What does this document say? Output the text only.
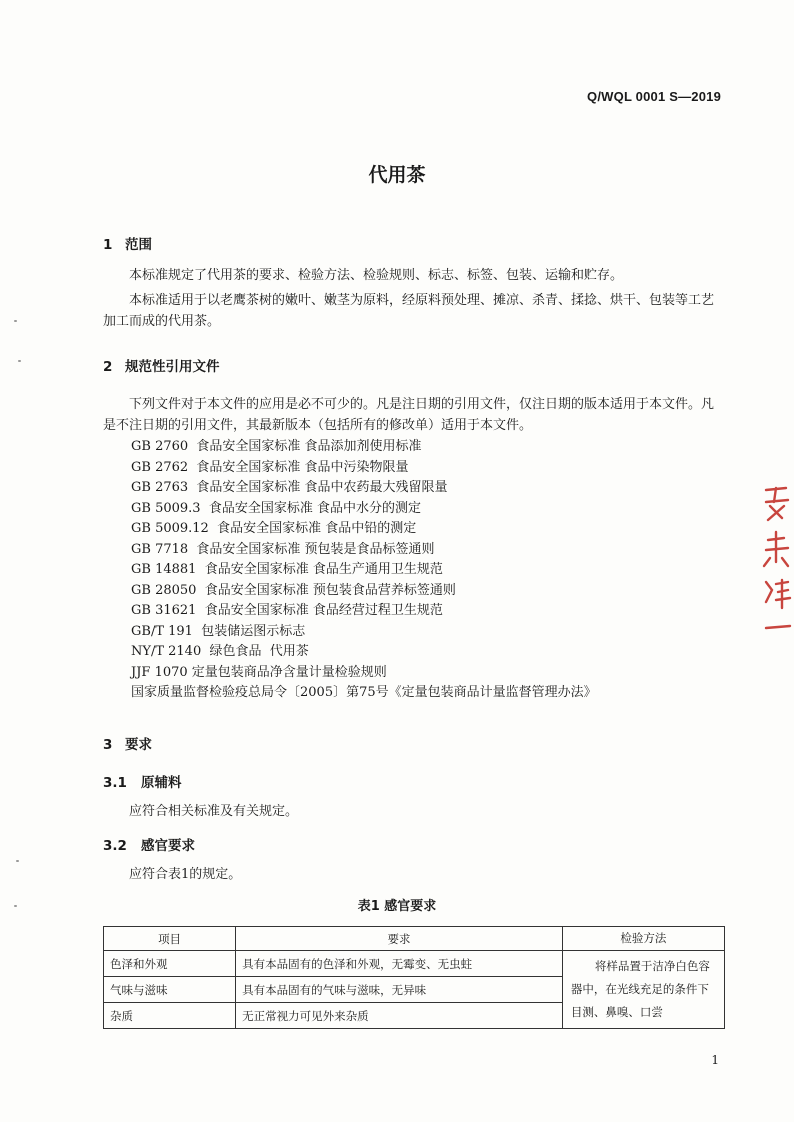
Q/WQL 0001 S—2019
代用茶
1 范围
本标准规定了代用茶的要求、检验方法、检验规则、标志、标签、包装、运输和贮存。
本标准适用于以老鹰茶树的嫩叶、嫩茎为原料，经原料预处理、摊凉、杀青、揉捻、烘干、包装等工艺加工而成的代用茶。
2 规范性引用文件
下列文件对于本文件的应用是必不可少的。凡是注日期的引用文件，仅注日期的版本适用于本文件。凡是不注日期的引用文件，其最新版本（包括所有的修改单）适用于本文件。
GB 2760  食品安全国家标准 食品添加剂使用标准
GB 2762  食品安全国家标准 食品中污染物限量
GB 2763  食品安全国家标准 食品中农药最大残留限量
GB 5009.3  食品安全国家标准 食品中水分的测定
GB 5009.12  食品安全国家标准 食品中铅的测定
GB 7718  食品安全国家标准 预包装是食品标签通则
GB 14881  食品安全国家标准 食品生产通用卫生规范
GB 28050  食品安全国家标准 预包装食品营养标签通则
GB 31621  食品安全国家标准 食品经营过程卫生规范
GB/T 191  包装储运图示标志
NY/T 2140  绿色食品  代用茶
JJF 1070 定量包装商品净含量计量检验规则
国家质量监督检验疫总局令〔2005〕第75号《定量包装商品计量监督管理办法》
3 要求
3.1 原辅料
应符合相关标准及有关规定。
3.2 感官要求
应符合表1的规定。
表1 感官要求
项目	要求	检验方法
色泽和外观	具有本品固有的色泽和外观，无霉变、无虫蛀	将样品置于洁净白色容器中，在光线充足的条件下目测、鼻嗅、口尝

气味与滋味	具有本品固有的气味与滋味，无异味	
杂质	无正常视力可见外来杂质	
1
